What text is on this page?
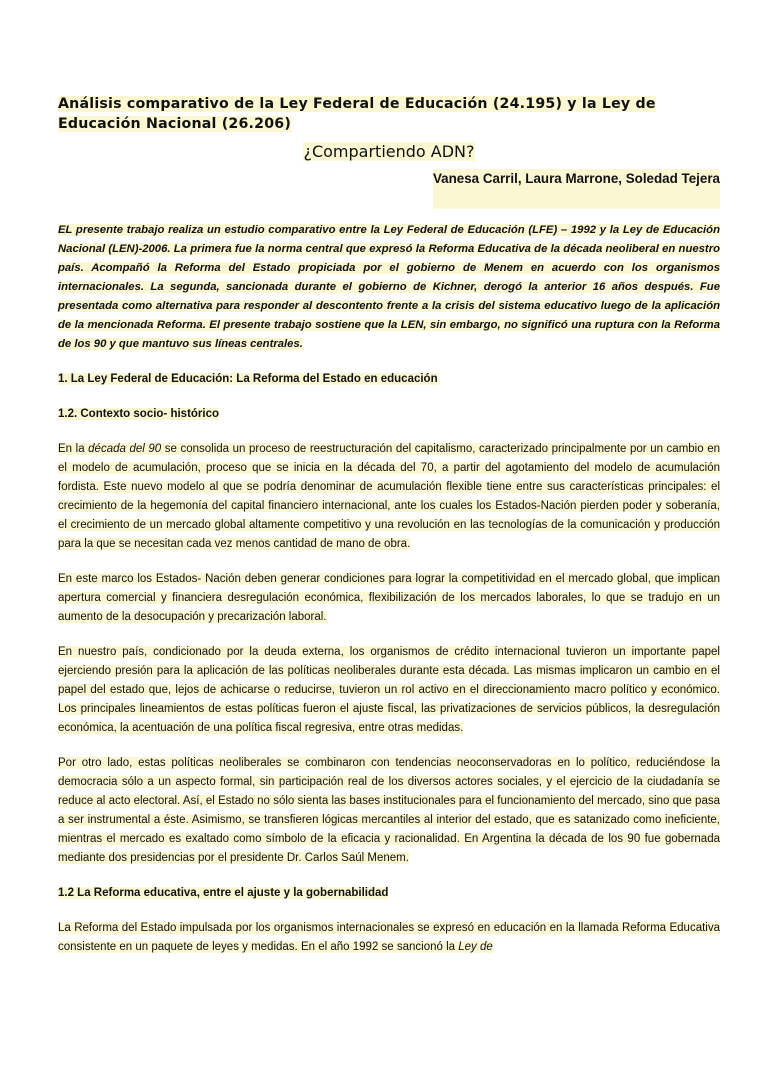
Análisis comparativo de la Ley Federal de Educación (24.195) y la Ley de Educación Nacional (26.206)
¿Compartiendo ADN?
Vanesa Carril, Laura Marrone, Soledad Tejera

EL presente trabajo realiza un estudio comparativo entre la Ley Federal de Educación (LFE) – 1992 y la Ley de Educación Nacional (LEN)-2006. La primera fue la norma central que expresó la Reforma Educativa de la década neoliberal en nuestro país. Acompañó la Reforma del Estado propiciada por el gobierno de Menem en acuerdo con los organismos internacionales. La segunda, sancionada durante el gobierno de Kichner, derogó la anterior 16 años después. Fue presentada como alternativa para responder al descontento frente a la crisis del sistema educativo luego de la aplicación de la mencionada Reforma. El presente trabajo sostiene que la LEN, sin embargo, no significó una ruptura con la Reforma de los 90 y que mantuvo sus líneas centrales.

1. La Ley Federal de Educación: La Reforma del Estado en educación
1.2. Contexto socio- histórico

En la década del 90 se consolida un proceso de reestructuración del capitalismo, caracterizado principalmente por un cambio en el modelo de acumulación, proceso que se inicia en la década del 70, a partir del agotamiento del modelo de acumulación fordista. Este nuevo modelo al que se podría denominar de acumulación flexible tiene entre sus características principales: el crecimiento de la hegemonía del capital financiero internacional, ante los cuales los Estados-Nación pierden poder y soberanía, el crecimiento de un mercado global altamente competitivo y una revolución en las tecnologías de la comunicación y producción para la que se necesitan cada vez menos cantidad de mano de obra.

En este marco los Estados- Nación deben generar condiciones para lograr la competitividad en el mercado global, que implican apertura comercial y financiera desregulación económica, flexibilización de los mercados laborales, lo que se tradujo en un aumento de la desocupación y precarización laboral.

En nuestro país, condicionado por la deuda externa, los organismos de crédito internacional tuvieron un importante papel ejerciendo presión para la aplicación de las políticas neoliberales durante esta década. Las mismas implicaron un cambio en el papel del estado que, lejos de achicarse o reducirse, tuvieron un rol activo en el direccionamiento macro político y económico. Los principales lineamientos de estas políticas fueron el ajuste fiscal, las privatizaciones de servicios públicos, la desregulación económica, la acentuación de una política fiscal regresiva, entre otras medidas.

Por otro lado, estas políticas neoliberales se combinaron con tendencias neoconservadoras en lo político, reduciéndose la democracia sólo a un aspecto formal, sin participación real de los diversos actores sociales, y el ejercicio de la ciudadanía se reduce al acto electoral. Así, el Estado no sólo sienta las bases institucionales para el funcionamiento del mercado, sino que pasa a ser instrumental a éste. Asimismo, se transfieren lógicas mercantiles al interior del estado, que es satanizado como ineficiente, mientras el mercado es exaltado como símbolo de la eficacia y racionalidad. En Argentina la década de los 90 fue gobernada mediante dos presidencias por el presidente Dr. Carlos Saúl Menem.

1.2 La Reforma educativa, entre el ajuste y la gobernabilidad

La Reforma del Estado impulsada por los organismos internacionales se expresó en educación en la llamada Reforma Educativa consistente en un paquete de leyes y medidas. En el año 1992 se sancionó la Ley de
